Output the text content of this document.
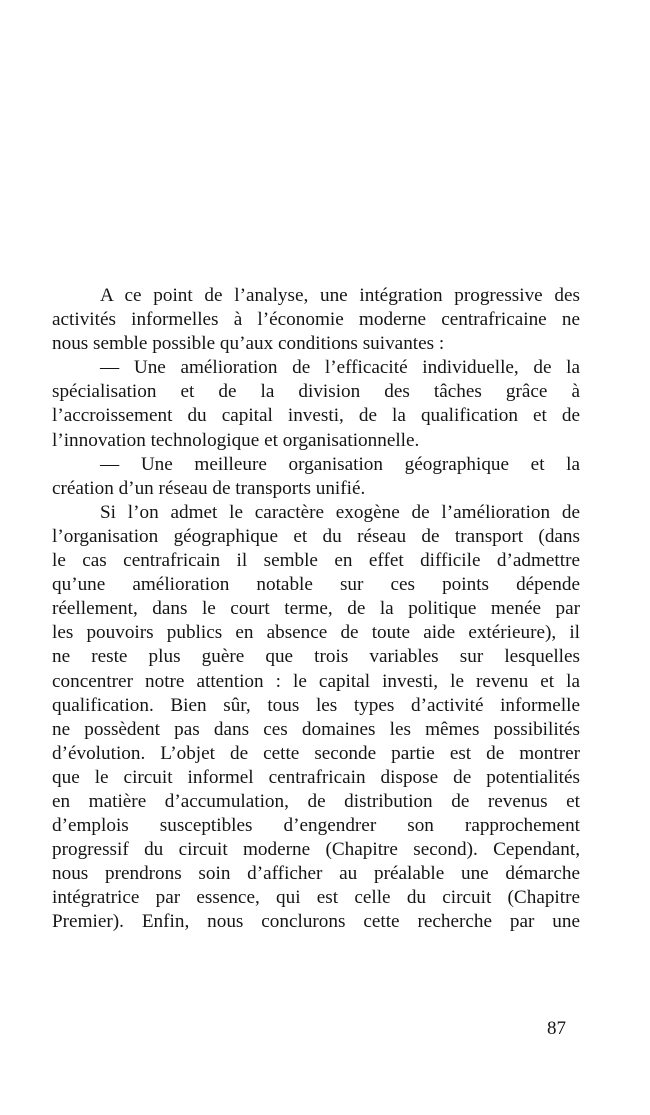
A ce point de l’analyse, une intégration progressive des
activités informelles à l’économie moderne centrafricaine ne
nous semble possible qu’aux conditions suivantes :
— Une amélioration de l’efficacité individuelle, de la
spécialisation et de la division des tâches grâce à
l’accroissement du capital investi, de la qualification et de
l’innovation technologique et organisationnelle.
— Une meilleure organisation géographique et la
création d’un réseau de transports unifié.
Si l’on admet le caractère exogène de l’amélioration de
l’organisation géographique et du réseau de transport (dans
le cas centrafricain il semble en effet difficile d’admettre
qu’une amélioration notable sur ces points dépende
réellement, dans le court terme, de la politique menée par
les pouvoirs publics en absence de toute aide extérieure), il
ne reste plus guère que trois variables sur lesquelles
concentrer notre attention : le capital investi, le revenu et la
qualification. Bien sûr, tous les types d’activité informelle
ne possèdent pas dans ces domaines les mêmes possibilités
d’évolution. L’objet de cette seconde partie est de montrer
que le circuit informel centrafricain dispose de potentialités
en matière d’accumulation, de distribution de revenus et
d’emplois susceptibles d’engendrer son rapprochement
progressif du circuit moderne (Chapitre second). Cependant,
nous prendrons soin d’afficher au préalable une démarche
intégratrice par essence, qui est celle du circuit (Chapitre
Premier). Enfin, nous conclurons cette recherche par une
87
